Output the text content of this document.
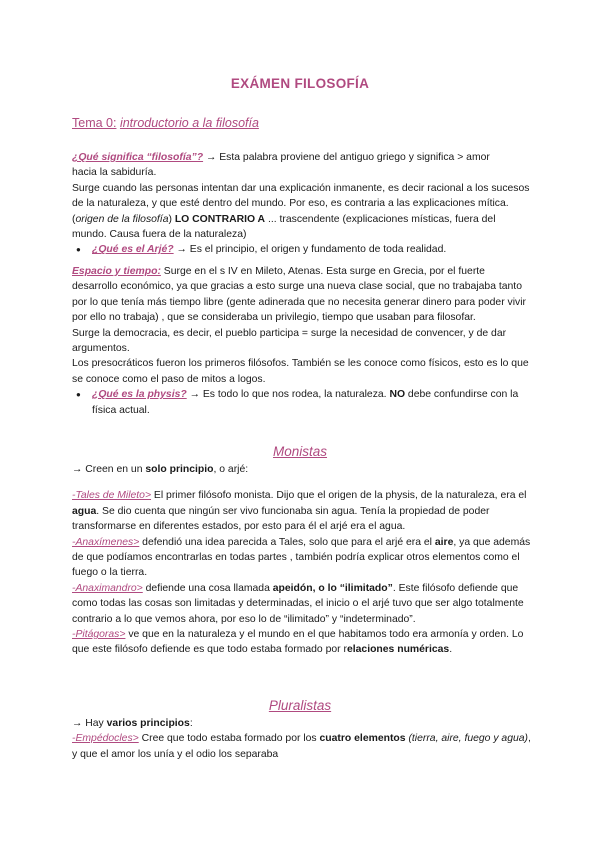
EXÁMEN FILOSOFÍA
Tema 0: introductorio a la filosofía
¿Qué significa “filosofía”? → Esta palabra proviene del antiguo griego y significa > amor
hacia la sabiduría.
Surge cuando las personas intentan dar una explicación inmanente, es decir racional a los sucesos de la naturaleza, y que esté dentro del mundo. Por eso, es contraria a las explicaciones mítica. (origen de la filosofía) LO CONTRARIO A ... trascendente (explicaciones místicas, fuera del mundo. Causa fuera de la naturaleza)
● ¿Qué es el Arjé? → Es el principio, el origen y fundamento de toda realidad.
Espacio y tiempo: Surge en el s IV en Mileto, Atenas. Esta surge en Grecia, por el fuerte desarrollo económico, ya que gracias a esto surge una nueva clase social, que no trabajaba tanto por lo que tenía más tiempo libre (gente adinerada que no necesita generar dinero para poder vivir por ello no trabaja) , que se consideraba un privilegio, tiempo que usaban para filosofar.
Surge la democracia, es decir, el pueblo participa = surge la necesidad de convencer, y de dar argumentos.
Los presocráticos fueron los primeros filósofos. También se les conoce como físicos, esto es lo que se conoce como el paso de mitos a logos.
● ¿Qué es la physis? → Es todo lo que nos rodea, la naturaleza. NO debe confundirse con la física actual.
Monistas
→ Creen en un solo principio, o arjé:
-Tales de Mileto> El primer filósofo monista. Dijo que el origen de la physis, de la naturaleza, era el agua. Se dio cuenta que ningún ser vivo funcionaba sin agua. Tenía la propiedad de poder transformarse en diferentes estados, por esto para él el arjé era el agua.
-Anaxímenes> defendió una idea parecida a Tales, solo que para el arjé era el aire, ya que además de que podíamos encontrarlas en todas partes , también podría explicar otros elementos como el fuego o la tierra.
-Anaximandro> defiende una cosa llamada apeidón, o lo “ilimitado”. Este filósofo defiende que como todas las cosas son limitadas y determinadas, el inicio o el arjé tuvo que ser algo totalmente contrario a lo que vemos ahora, por eso lo de “ilimitado” y “indeterminado”.
-Pitágoras> ve que en la naturaleza y el mundo en el que habitamos todo era armonía y orden. Lo que este filósofo defiende es que todo estaba formado por relaciones numéricas.
Pluralistas
→ Hay varios principios:
-Empédocles> Cree que todo estaba formado por los cuatro elementos (tierra, aire, fuego y agua), y que el amor los unía y el odio los separaba
